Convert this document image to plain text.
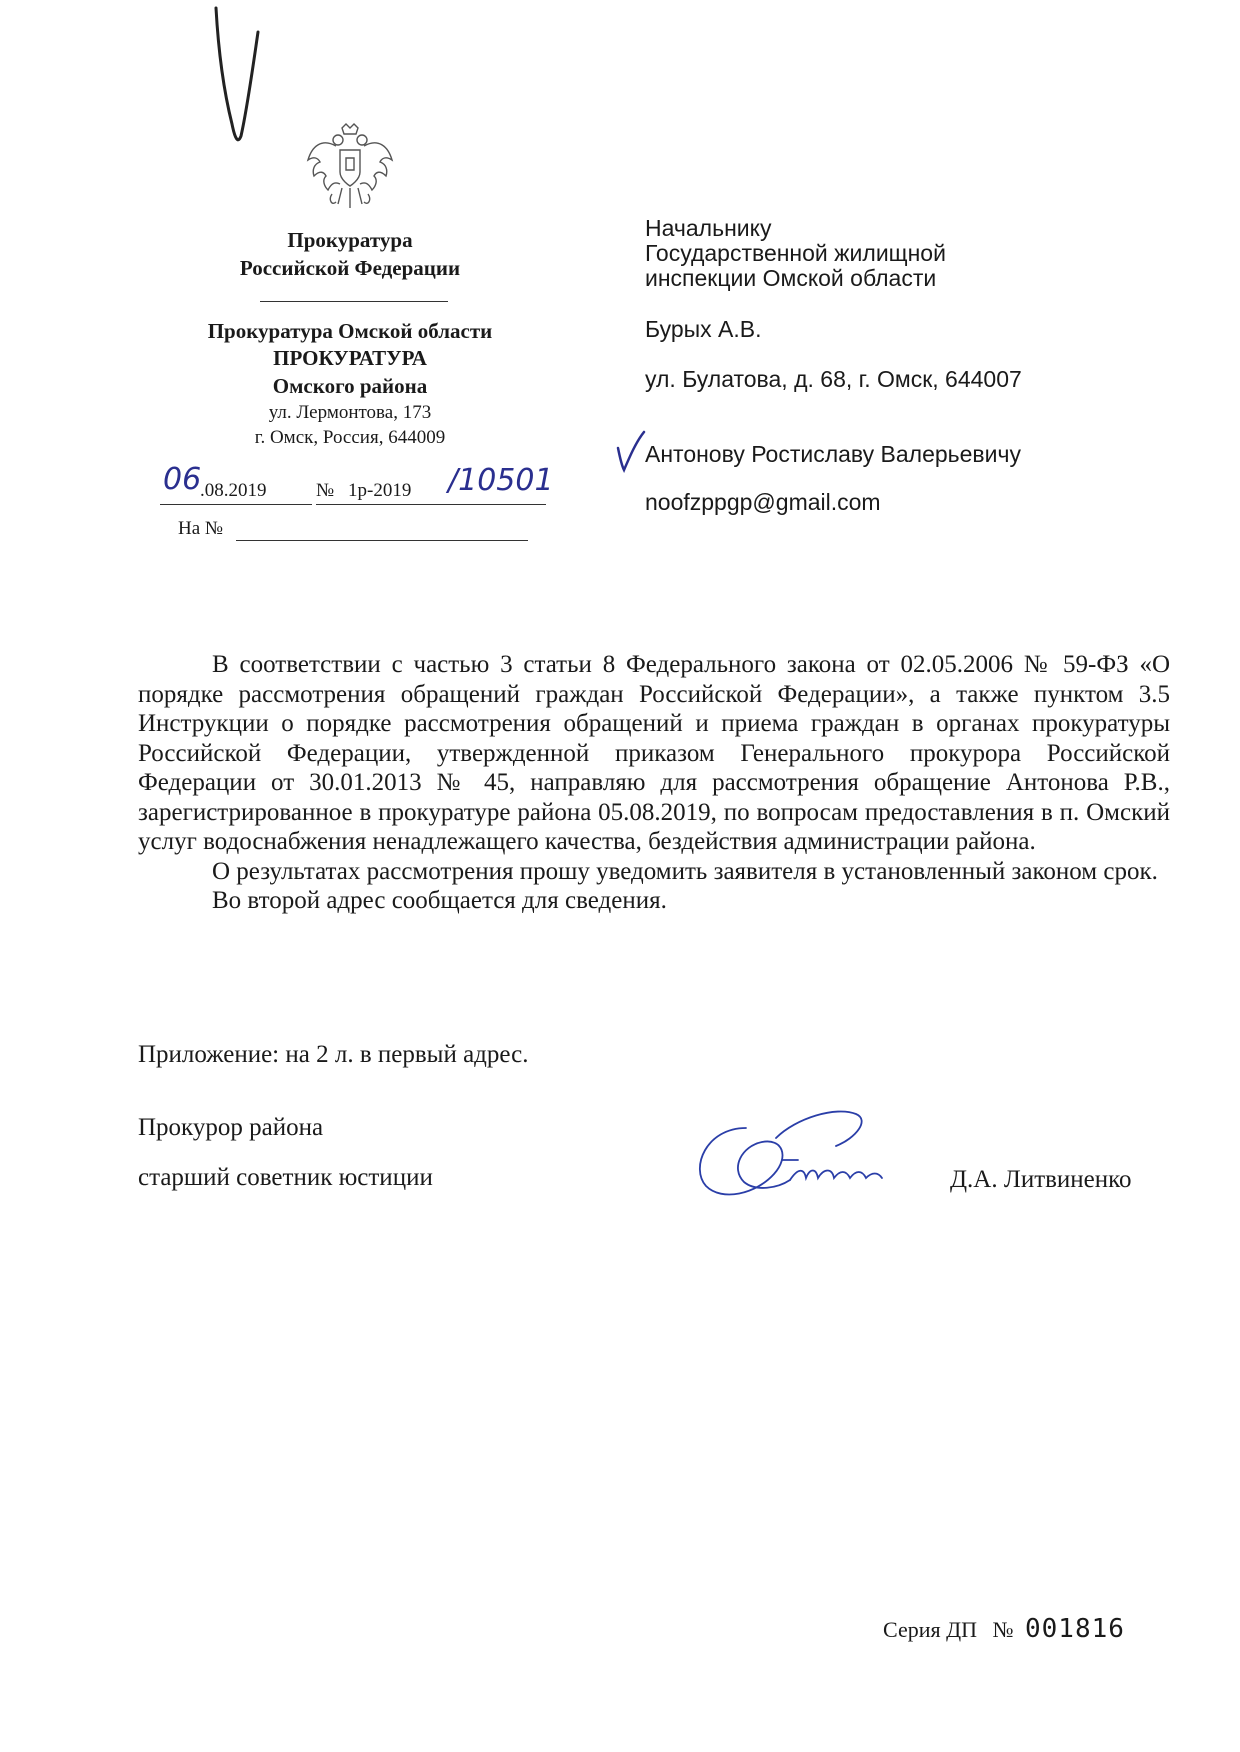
Прокуратура
Российской Федерации
Прокуратура Омской области
ПРОКУРАТУРА
Омского района
ул. Лермонтова, 173
г. Омск, Россия, 644009
06
.08.2019	№ 1р-2019 /10501
На №
Начальнику
Государственной жилищной
инспекции Омской области
Бурых А.В.
ул. Булатова, д. 68, г. Омск, 644007
Антонову Ростиславу Валерьевичу
noofzppgp@gmail.com

В соответствии с частью 3 статьи 8 Федерального закона от 02.05.2006 № 59-ФЗ «О порядке рассмотрения обращений граждан Российской Федерации», а также пунктом 3.5 Инструкции о порядке рассмотрения обращений и приема граждан в органах прокуратуры Российской Федерации, утвержденной приказом Генерального прокурора Российской Федерации от 30.01.2013 № 45, направляю для рассмотрения обращение Антонова Р.В., зарегистрированное в прокуратуре района 05.08.2019, по вопросам предоставления в п. Омский услуг водоснабжения ненадлежащего качества, бездействия администрации района.

О результатах рассмотрения прошу уведомить заявителя в установленный законом срок.

Во второй адрес сообщается для сведения.

Приложение: на 2 л. в первый адрес.
Прокурор района
старший советник юстиции	Д.А. Литвиненко
Серия ДП № 001816
